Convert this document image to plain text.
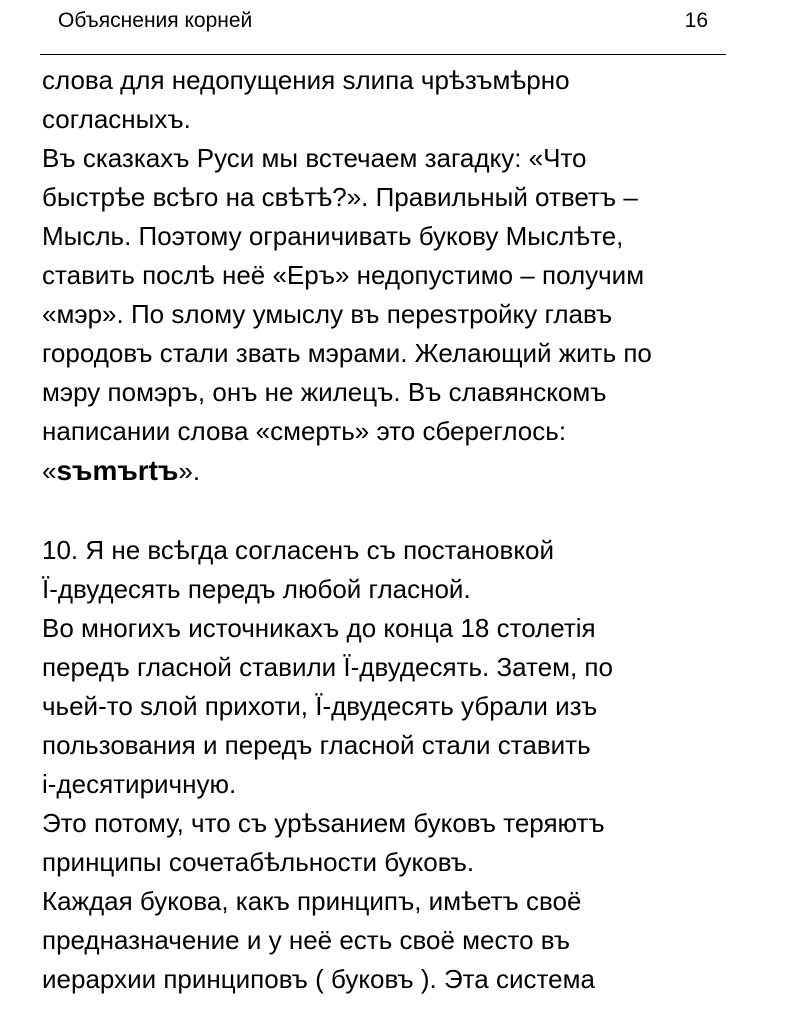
Объяснения корней	16
слова для недопущения ѕлипа чрѣзъмѣрно
согласныхъ.
Въ сказкахъ Руси мы встечаем загадку: «Что
быстрѣе всѣго на свѣтѣ?». Правильный ответъ –
Мысль. Поэтому ограничивать букову Мыслѣте,
ставить послѣ неё «Еръ» недопустимо – получим
«мэр». По ѕлому умыслу въ переѕтройку главъ
городовъ стали звать мэрами. Желающий жить по
мэру помэръ, онъ не жилецъ. Въ славянскомъ
написании слова «смерть» это сбереглось:
«sъmъrtъ».
10. Я не всѣгда согласенъ съ постановкой
Ї-двудесять передъ любой гласной.
Во многихъ источникахъ до конца 18 столетія
передъ гласной ставили Ї-двудесять. Затем, по
чьей-то ѕлой прихоти, Ї-двудесять убрали изъ
пользования и передъ гласной стали ставить
і-десятиричную.
Это потому, что съ урѣѕанием буковъ теряютъ
принципы сочетабѣльности буковъ.
Каждая букова, какъ принципъ, имѣетъ своё
предназначение и у неё есть своё место въ
иерархии принциповъ ( буковъ ). Эта система
